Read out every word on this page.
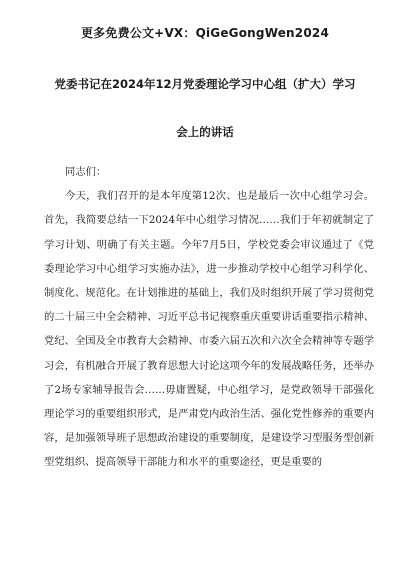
更多免费公文+VX：QiGeGongWen2024
党委书记在2024年12月党委理论学习中心组（扩大）学习
会上的讲话
同志们：

今天，我们召开的是本年度第12次、也是最后一次中心组学习会。首先，我简要总结一下2024年中心组学习情况……我们于年初就制定了学习计划、明确了有关主题。今年7月5日，学校党委会审议通过了《党委理论学习中心组学习实施办法》，进一步推动学校中心组学习科学化、制度化、规范化。在计划推进的基础上，我们及时组织开展了学习贯彻党的二十届三中全会精神、习近平总书记视察重庆重要讲话重要指示精神、党纪、全国及全市教育大会精神、市委六届五次和六次全会精神等专题学习会，有机融合开展了教育思想大讨论这项今年的发展战略任务，还举办了2场专家辅导报告会……毋庸置疑，中心组学习，是党政领导干部强化理论学习的重要组织形式，是严肃党内政治生活、强化党性修养的重要内容，是加强领导班子思想政治建设的重要制度，是建设学习型服务型创新型党组织、提高领导干部能力和水平的重要途径，更是重要的
